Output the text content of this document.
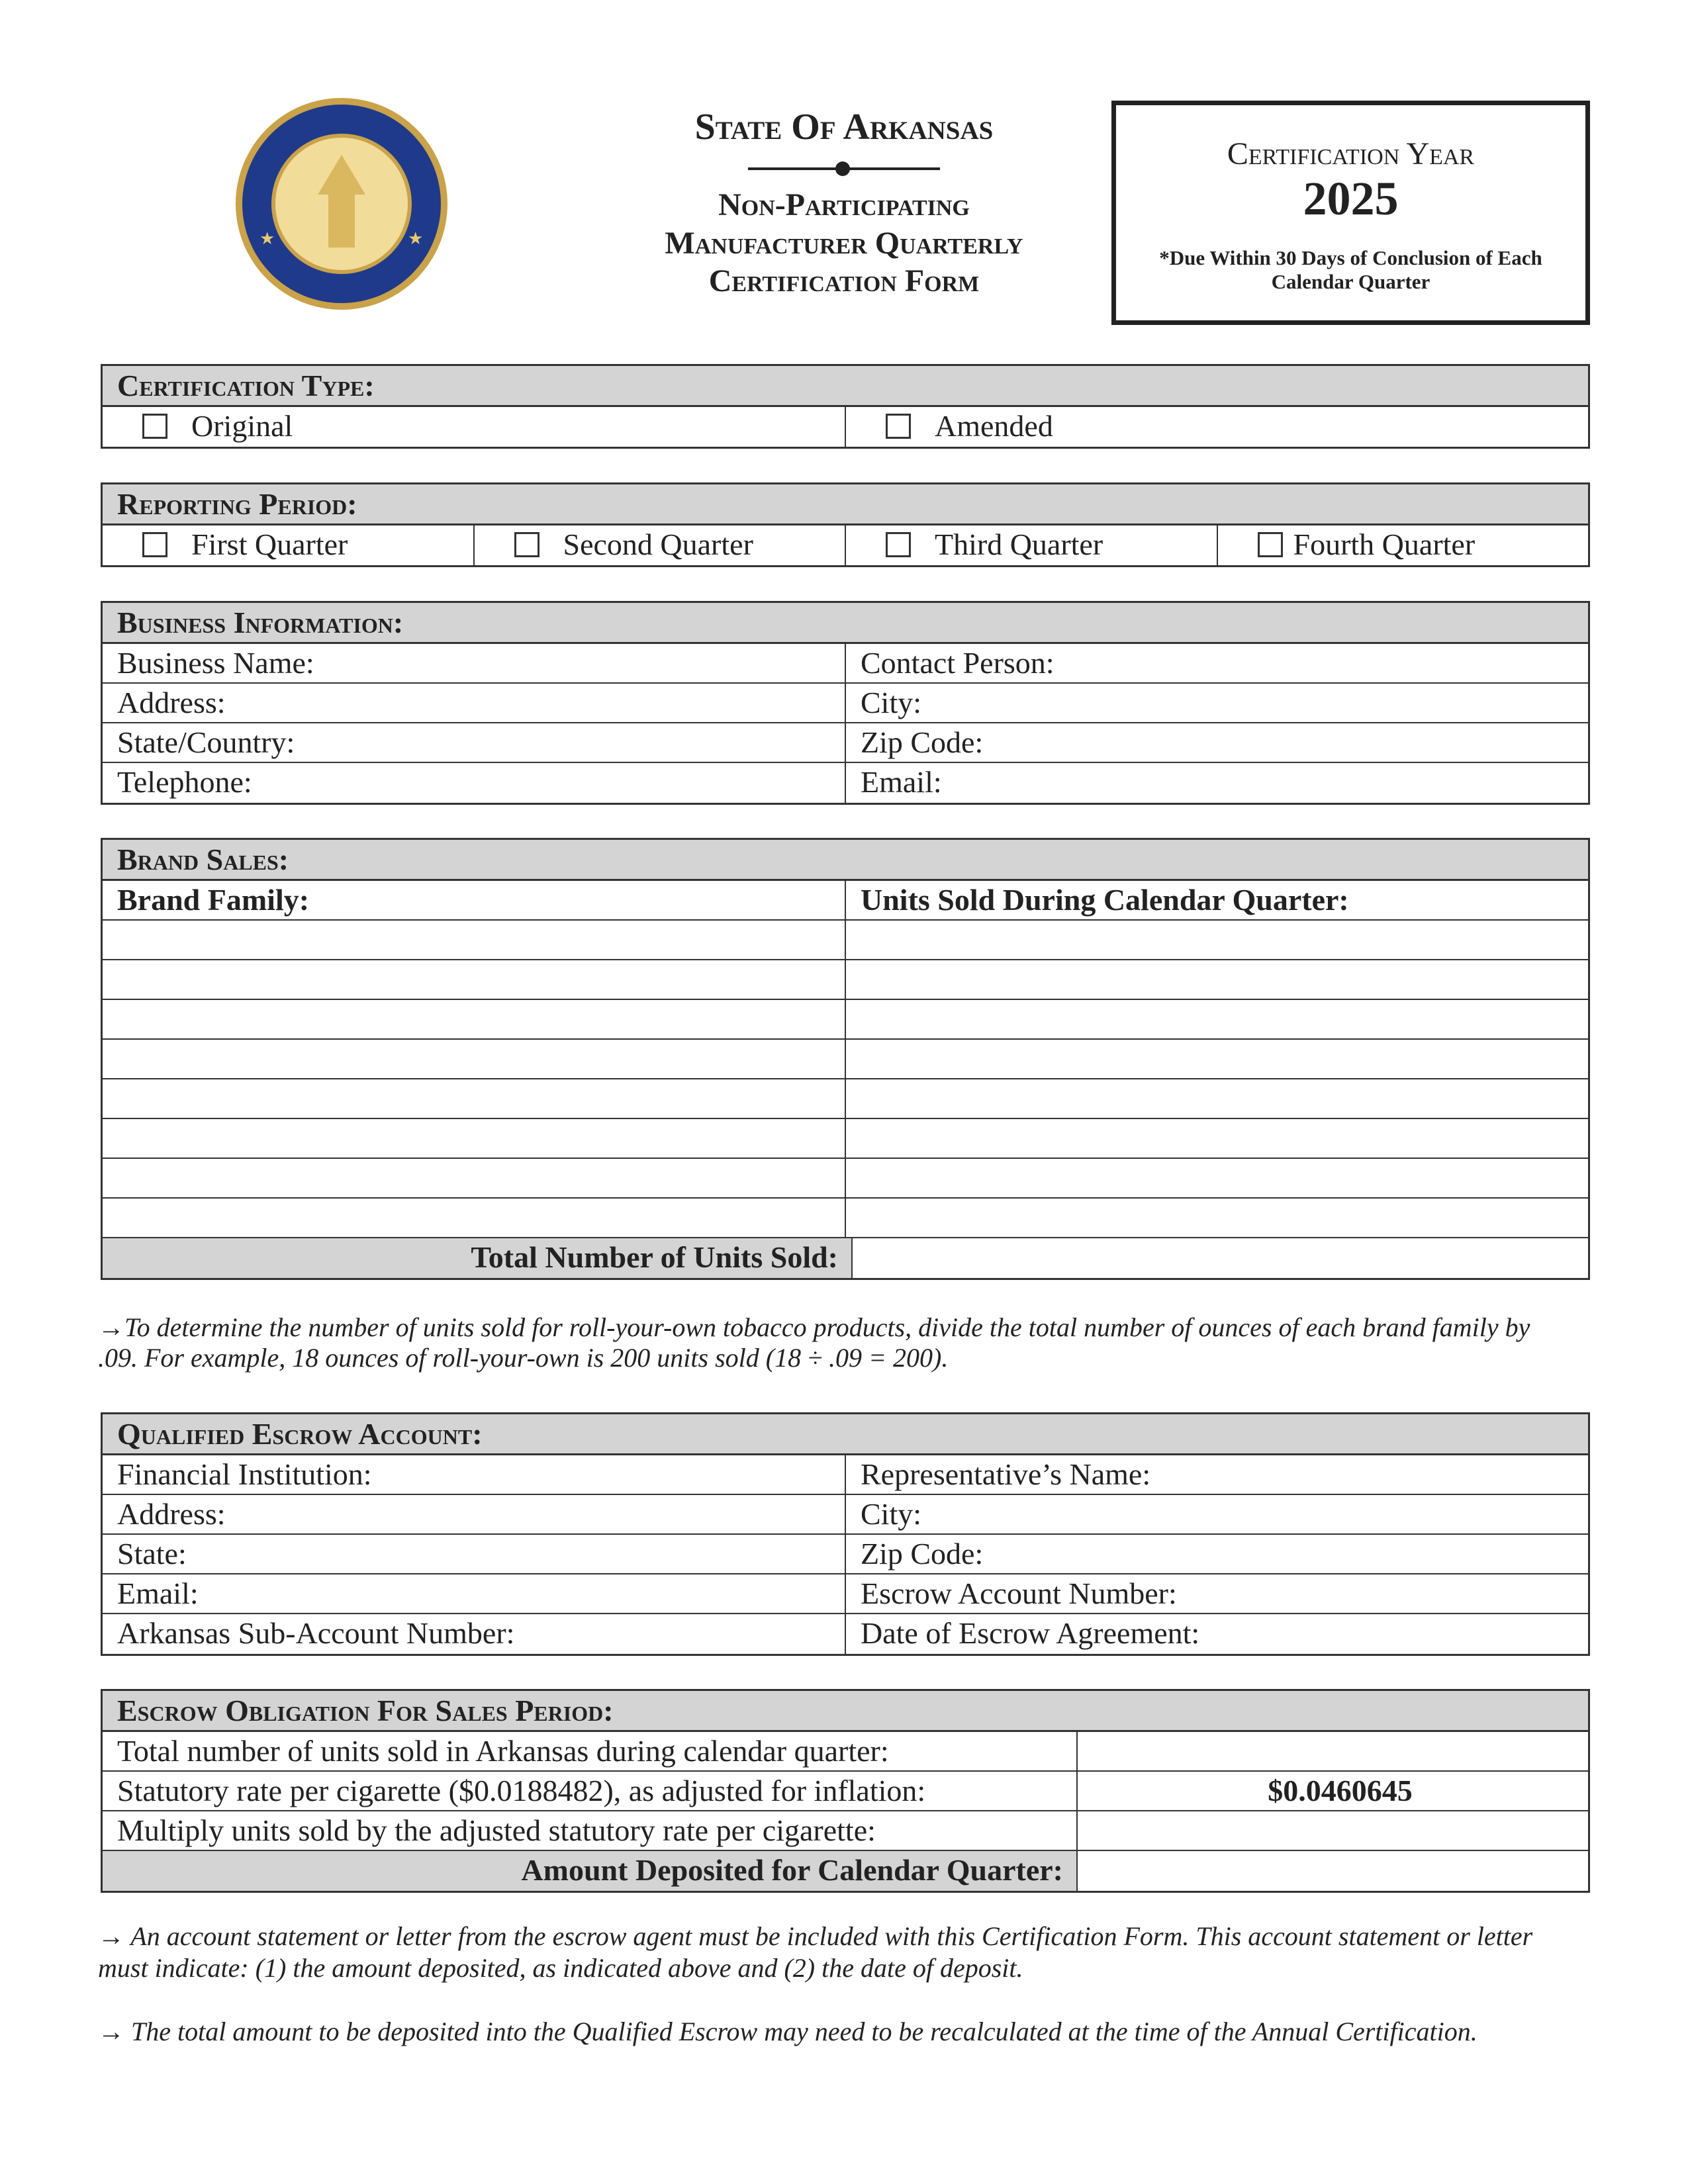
★	★
State Of Arkansas
Non-Participating
Manufacturer Quarterly
Certification Form
Certification Year
2025
*Due Within 30 Days of Conclusion of Each
Calendar Quarter
Certification Type:
Original	Amended
Reporting Period:
First Quarter	Second Quarter	Third Quarter	Fourth Quarter
Business Information:
Business Name:	Contact Person:
Address:	City:
State/Country:	Zip Code:
Telephone:	Email:
Brand Sales:
Brand Family:	Units Sold During Calendar Quarter:
Total Number of Units Sold:
→To determine the number of units sold for roll-your-own tobacco products, divide the total number of ounces of each brand family by
.09. For example, 18 ounces of roll-your-own is 200 units sold (18 ÷ .09 = 200).
Qualified Escrow Account:
Financial Institution:	Representative’s Name:
Address:	City:
State:	Zip Code:
Email:	Escrow Account Number:
Arkansas Sub-Account Number:	Date of Escrow Agreement:
Escrow Obligation For Sales Period:
Total number of units sold in Arkansas during calendar quarter:
Statutory rate per cigarette ($0.0188482), as adjusted for inflation:	$0.0460645
Multiply units sold by the adjusted statutory rate per cigarette:
Amount Deposited for Calendar Quarter:
→ An account statement or letter from the escrow agent must be included with this Certification Form. This account statement or letter
must indicate: (1) the amount deposited, as indicated above and (2) the date of deposit.
→ The total amount to be deposited into the Qualified Escrow may need to be recalculated at the time of the Annual Certification.
